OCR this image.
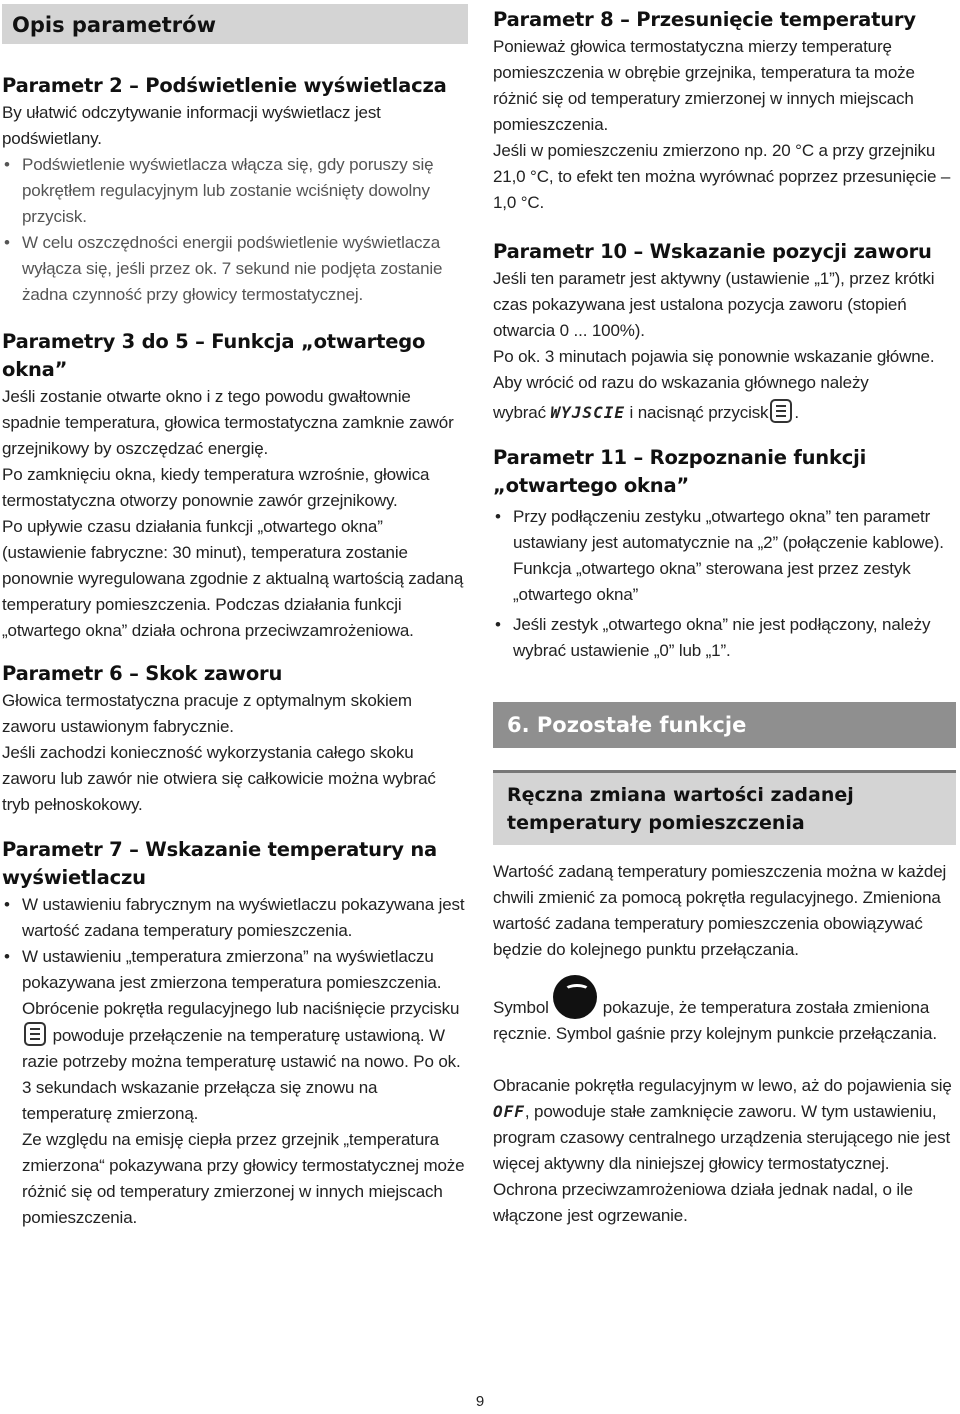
Opis parametrów
Parametr 2 – Podświetlenie wyświetlacza

By ułatwić odczytywanie informacji wyświetlacz jest podświetlany.

• Podświetlenie wyświetlacza włącza się, gdy poruszy się pokrętłem regulacyjnym lub zostanie wciśnięty dowolny przycisk.
• W celu oszczędności energii podświetlenie wyświetlacza wyłącza się, jeśli przez ok. 7 sekund nie podjęta zostanie żadna czynność przy głowicy termostatycznej.
Parametry 3 do 5 – Funkcja „otwartego okna”

Jeśli zostanie otwarte okno i z tego powodu gwałtownie spadnie temperatura, głowica termostatyczna zamknie zawór grzejnikowy by oszczędzać energię.

Po zamknięciu okna, kiedy temperatura wzrośnie, głowica termostatyczna otworzy ponownie zawór grzejnikowy.

Po upływie czasu działania funkcji „otwartego okna” (ustawienie fabryczne: 30 minut), temperatura zostanie ponownie wyregulowana zgodnie z aktualną wartością zadaną temperatury pomieszczenia. Podczas działania funkcji „otwartego okna” działa ochrona przeciwzamrożeniowa.

Parametr 6 – Skok zaworu

Głowica termostatyczna pracuje z optymalnym skokiem zaworu ustawionym fabrycznie.

Jeśli zachodzi konieczność wykorzystania całego skoku zaworu lub zawór nie otwiera się całkowicie można wybrać tryb pełnoskokowy.

Parametr 7 – Wskazanie temperatury na wyświetlaczu
• W ustawieniu fabrycznym na wyświetlaczu pokazywana jest wartość zadana temperatury pomieszczenia.
• W ustawieniu „temperatura zmierzona” na wyświetlaczu pokazywana jest zmierzona temperatura pomieszczenia. Obrócenie pokrętła regulacyjnego lub naciśnięcie przycisku
powoduje przełączenie na temperaturę ustawioną. W razie potrzeby można temperaturę ustawić na nowo. Po ok. 3 sekundach wskazanie przełącza się znowu na temperaturę zmierzoną.
Ze względu na emisję ciepła przez grzejnik „temperatura zmierzona“ pokazywana przy głowicy termostatycznej może różnić się od temperatury zmierzonej w innych miejscach pomieszczenia.
Parametr 8 – Przesunięcie temperatury

Ponieważ głowica termostatyczna mierzy temperaturę pomieszczenia w obrębie grzejnika, temperatura ta może różnić się od temperatury zmierzonej w innych miejscach pomieszczenia.

Jeśli w pomieszczeniu zmierzono np. 20 °C a przy grzejniku 21,0 °C, to efekt ten można wyrównać poprzez przesunięcie –1,0 °C.

Parametr 10 – Wskazanie pozycji zaworu

Jeśli ten parametr jest aktywny (ustawienie „1”), przez krótki czas pokazywana jest ustalona pozycja zaworu (stopień otwarcia 0 ... 100%).

Po ok. 3 minutach pojawia się ponownie wskazanie główne.

Aby wrócić od razu do wskazania głównego należy

wybrać WYJSCIE i nacisnąć przycisk .

Parametr 11 – Rozpoznanie funkcji „otwartego okna”
• Przy podłączeniu zestyku „otwartego okna” ten parametr ustawiany jest automatycznie na „2” (połączenie kablowe). Funkcja „otwartego okna” sterowana jest przez zestyk „otwartego okna”
• Jeśli zestyk „otwartego okna” nie jest podłączony, należy wybrać ustawienie „0” lub „1”.
6. Pozostałe funkcje
Ręczna zmiana wartości zadanej temperatury pomieszczenia

Wartość zadaną temperatury pomieszczenia można w każdej chwili zmienić za pomocą pokrętła regulacyjnego. Zmieniona wartość zadana temperatury pomieszczenia obowiązywać będzie do kolejnego punktu przełączania.

Symbol	pokazuje, że temperatura została zmieniona ręcznie. Symbol gaśnie przy kolejnym punkcie przełączania.

Obracanie pokrętła regulacyjnym w lewo, aż do pojawienia się OFF, powoduje stałe zamknięcie zaworu. W tym ustawieniu, program czasowy centralnego urządzenia sterującego nie jest więcej aktywny dla niniejszej głowicy termostatycznej. Ochrona przeciwzamrożeniowa działa jednak nadal, o ile włączone jest ogrzewanie.

9
